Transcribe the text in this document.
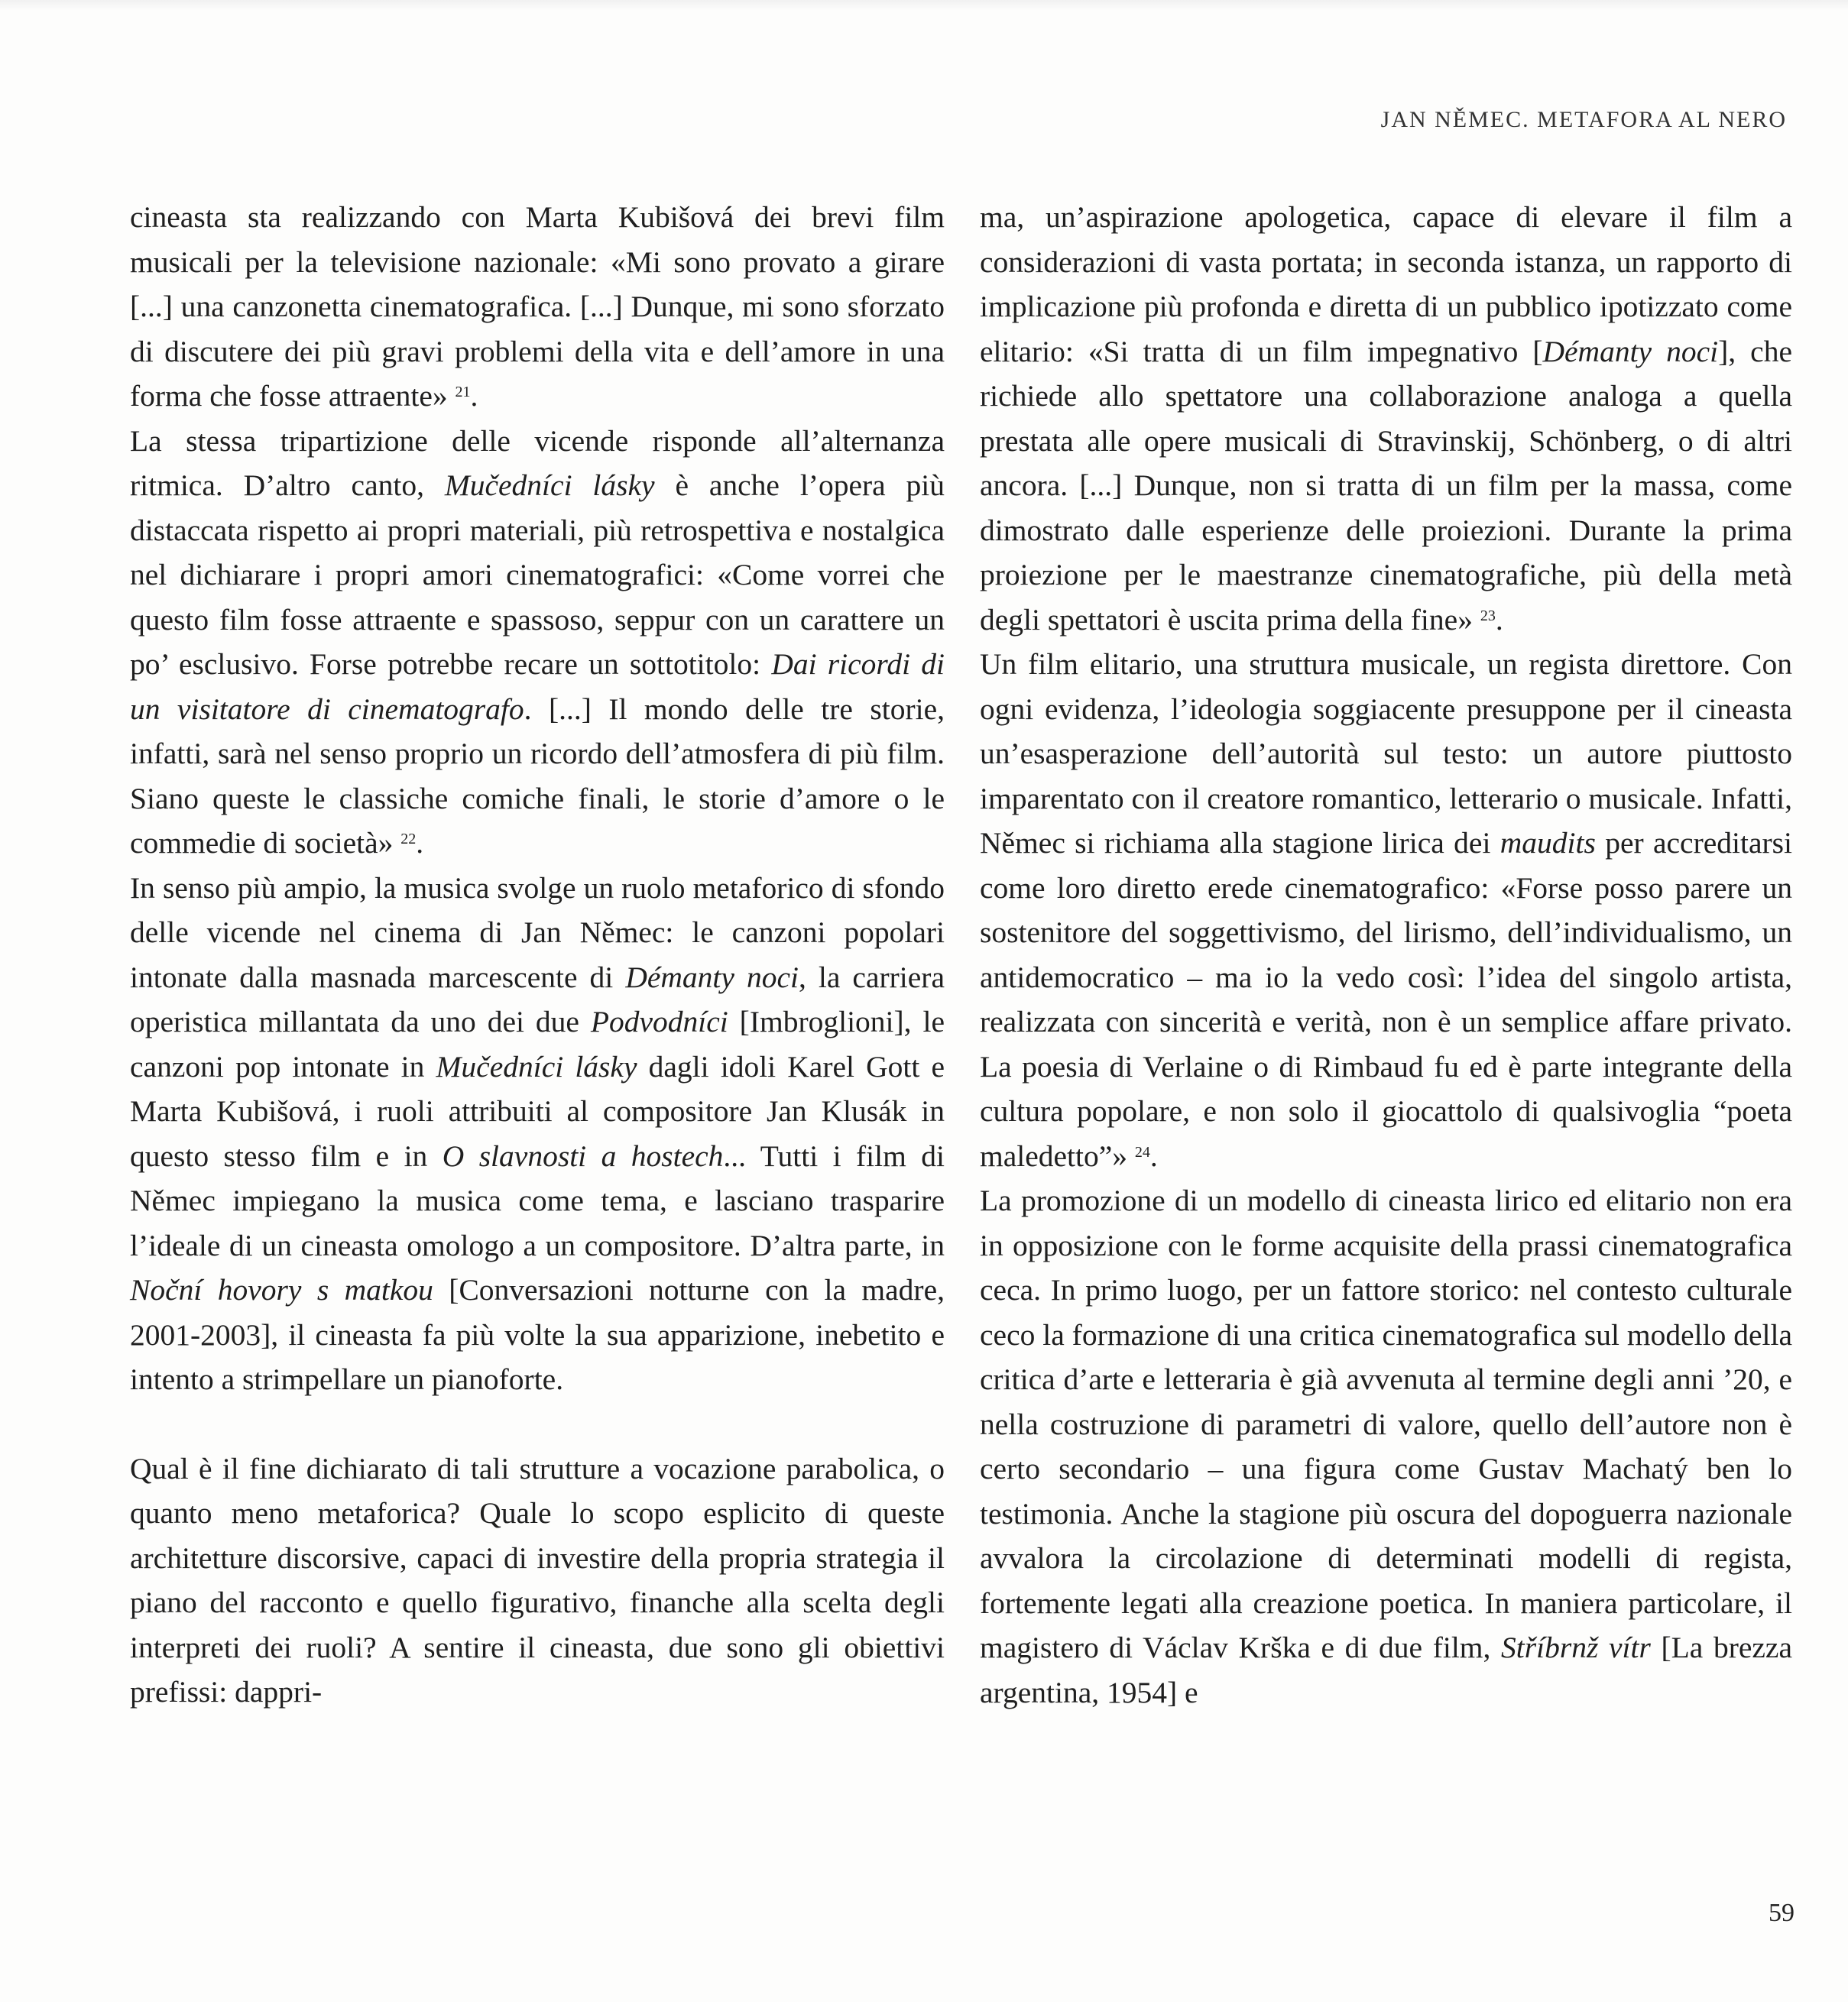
JAN NĚMEC. METAFORA AL NERO

cineasta sta realizzando con Marta Kubišová dei brevi film musicali per la televisione nazionale: «Mi sono provato a girare [...] una canzonetta cinematografica. [...] Dunque, mi sono sforzato di discutere dei più gravi problemi della vita e dell’amore in una forma che fosse attraente» $^{21}$.

La stessa tripartizione delle vicende risponde all’alternanza ritmica. D’altro canto, Mučedníci lásky è anche l’opera più distaccata rispetto ai propri materiali, più retrospettiva e nostalgica nel dichiarare i propri amori cinematografici: «Come vorrei che questo film fosse attraente e spassoso, seppur con un carattere un po’ esclusivo. Forse potrebbe recare un sottotitolo: Dai ricordi di un visitatore di cinematografo. [...] Il mondo delle tre storie, infatti, sarà nel senso proprio un ricordo dell’atmosfera di più film. Siano queste le classiche comiche finali, le storie d’amore o le commedie di società» $^{22}$.

In senso più ampio, la musica svolge un ruolo metaforico di sfondo delle vicende nel cinema di Jan Němec: le canzoni popolari intonate dalla masnada marcescente di Démanty noci, la carriera operistica millantata da uno dei due Podvodníci [Imbroglioni], le canzoni pop intonate in Mučedníci lásky dagli idoli Karel Gott e Marta Kubišová, i ruoli attribuiti al compositore Jan Klusák in questo stesso film e in O slavnosti a hostech... Tutti i film di Němec impiegano la musica come tema, e lasciano trasparire l’ideale di un cineasta omologo a un compositore. D’altra parte, in Noční hovory s matkou [Conversazioni notturne con la madre, 2001-2003], il cineasta fa più volte la sua apparizione, inebetito e intento a strimpellare un pianoforte.

Qual è il fine dichiarato di tali strutture a vocazione parabolica, o quanto meno metaforica? Quale lo scopo esplicito di queste architetture discorsive, capaci di investire della propria strategia il piano del racconto e quello figurativo, finanche alla scelta degli interpreti dei ruoli? A sentire il cineasta, due sono gli obiettivi prefissi: dappri-

ma, un’aspirazione apologetica, capace di elevare il film a considerazioni di vasta portata; in seconda istanza, un rapporto di implicazione più profonda e diretta di un pubblico ipotizzato come elitario: «Si tratta di un film impegnativo [Démanty noci], che richiede allo spettatore una collaborazione analoga a quella prestata alle opere musicali di Stravinskij, Schönberg, o di altri ancora. [...] Dunque, non si tratta di un film per la massa, come dimostrato dalle esperienze delle proiezioni. Durante la prima proiezione per le maestranze cinematografiche, più della metà degli spettatori è uscita prima della fine» $^{23}$.

Un film elitario, una struttura musicale, un regista direttore. Con ogni evidenza, l’ideologia soggiacente presuppone per il cineasta un’esasperazione dell’autorità sul testo: un autore piuttosto imparentato con il creatore romantico, letterario o musicale. Infatti, Němec si richiama alla stagione lirica dei maudits per accreditarsi come loro diretto erede cinematografico: «Forse posso parere un sostenitore del soggettivismo, del lirismo, dell’individualismo, un antidemocratico – ma io la vedo così: l’idea del singolo artista, realizzata con sincerità e verità, non è un semplice affare privato. La poesia di Verlaine o di Rimbaud fu ed è parte integrante della cultura popolare, e non solo il giocattolo di qualsivoglia “poeta maledetto”» $^{24}$.

La promozione di un modello di cineasta lirico ed elitario non era in opposizione con le forme acquisite della prassi cinematografica ceca. In primo luogo, per un fattore storico: nel contesto culturale ceco la formazione di una critica cinematografica sul modello della critica d’arte e letteraria è già avvenuta al termine degli anni ’20, e nella costruzione di parametri di valore, quello dell’autore non è certo secondario – una figura come Gustav Machatý ben lo testimonia. Anche la stagione più oscura del dopoguerra nazionale avvalora la circolazione di determinati modelli di regista, fortemente legati alla creazione poetica. In maniera particolare, il magistero di Václav Krška e di due film, Stříbrnž vítr [La brezza argentina, 1954] e

59
